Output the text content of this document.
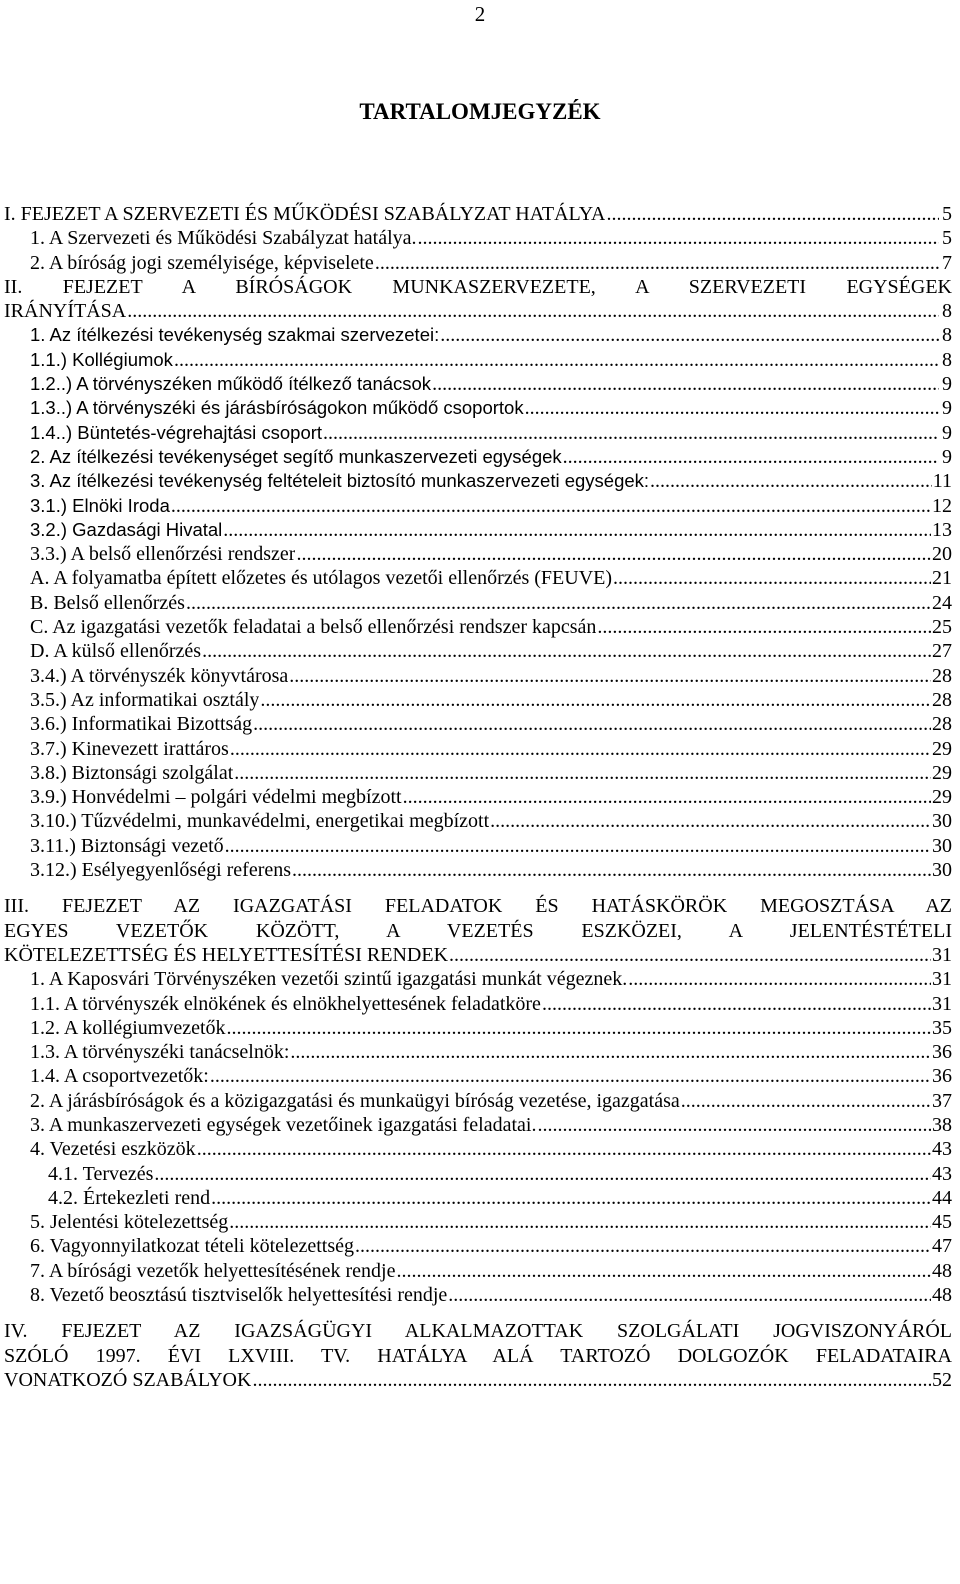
2
TARTALOMJEGYZÉK
I. FEJEZET A SZERVEZETI ÉS MŰKÖDÉSI SZABÁLYZAT HATÁLYA .....	5
1. A Szervezeti és Működési Szabályzat hatálya. .....	5
2. A bíróság jogi személyisége, képviselete .....	7
II. FEJEZET A BÍRÓSÁGOK MUNKASZERVEZETE, A SZERVEZETI EGYSÉGEK
IRÁNYÍTÁSA .....	8
1. Az ítélkezési tevékenység szakmai szervezetei: .....	8
1.1.) Kollégiumok .....	8
1.2..) A törvényszéken működő ítélkező tanácsok .....	9
1.3..) A törvényszéki és járásbíróságokon működő csoportok .....	9
1.4..) Büntetés-végrehajtási csoport .....	9
2. Az ítélkezési tevékenységet segítő munkaszervezeti egységek .....	9
3. Az ítélkezési tevékenység feltételeit biztosító munkaszervezeti egységek: .....	11
3.1.) Elnöki Iroda .....	12
3.2.) Gazdasági Hivatal .....	13
3.3.) A belső ellenőrzési rendszer .....	20
A. A folyamatba épített előzetes és utólagos vezetői ellenőrzés (FEUVE) .....	21
B. Belső ellenőrzés .....	24
C. Az igazgatási vezetők feladatai a belső ellenőrzési rendszer kapcsán .....	25
D. A külső ellenőrzés .....	27
3.4.) A törvényszék könyvtárosa .....	28
3.5.) Az informatikai osztály .....	28
3.6.) Informatikai Bizottság .....	28
3.7.) Kinevezett irattáros .....	29
3.8.) Biztonsági szolgálat .....	29
3.9.) Honvédelmi – polgári védelmi megbízott .....	29
3.10.) Tűzvédelmi, munkavédelmi, energetikai megbízott .....	30
3.11.) Biztonsági vezető .....	30
3.12.) Esélyegyenlőségi referens .....	30
III. FEJEZET AZ IGAZGATÁSI FELADATOK ÉS HATÁSKÖRÖK MEGOSZTÁSA AZ
EGYES VEZETŐK KÖZÖTT, A VEZETÉS ESZKÖZEI, A JELENTÉSTÉTELI
KÖTELEZETTSÉG ÉS HELYETTESÍTÉSI RENDEK .....	31
1. A Kaposvári Törvényszéken vezetői szintű igazgatási munkát végeznek. .....	31
1.1. A törvényszék elnökének és elnökhelyettesének feladatköre .....	31
1.2. A kollégiumvezetők .....	35
1.3. A törvényszéki tanácselnök: .....	36
1.4. A csoportvezetők: .....	36
2. A járásbíróságok és a közigazgatási és munkaügyi bíróság vezetése, igazgatása .....	37
3. A munkaszervezeti egységek vezetőinek igazgatási feladatai. .....	38
4. Vezetési eszközök .....	43
4.1. Tervezés .....	43
4.2. Értekezleti rend .....	44
5. Jelentési kötelezettség .....	45
6. Vagyonnyilatkozat tételi kötelezettség .....	47
7. A bírósági vezetők helyettesítésének rendje .....	48
8. Vezető beosztású tisztviselők helyettesítési rendje .....	48
IV. FEJEZET AZ IGAZSÁGÜGYI ALKALMAZOTTAK SZOLGÁLATI JOGVISZONYÁRÓL
SZÓLÓ 1997. ÉVI LXVIII. TV. HATÁLYA ALÁ TARTOZÓ DOLGOZÓK FELADATAIRA
VONATKOZÓ SZABÁLYOK .....	52
